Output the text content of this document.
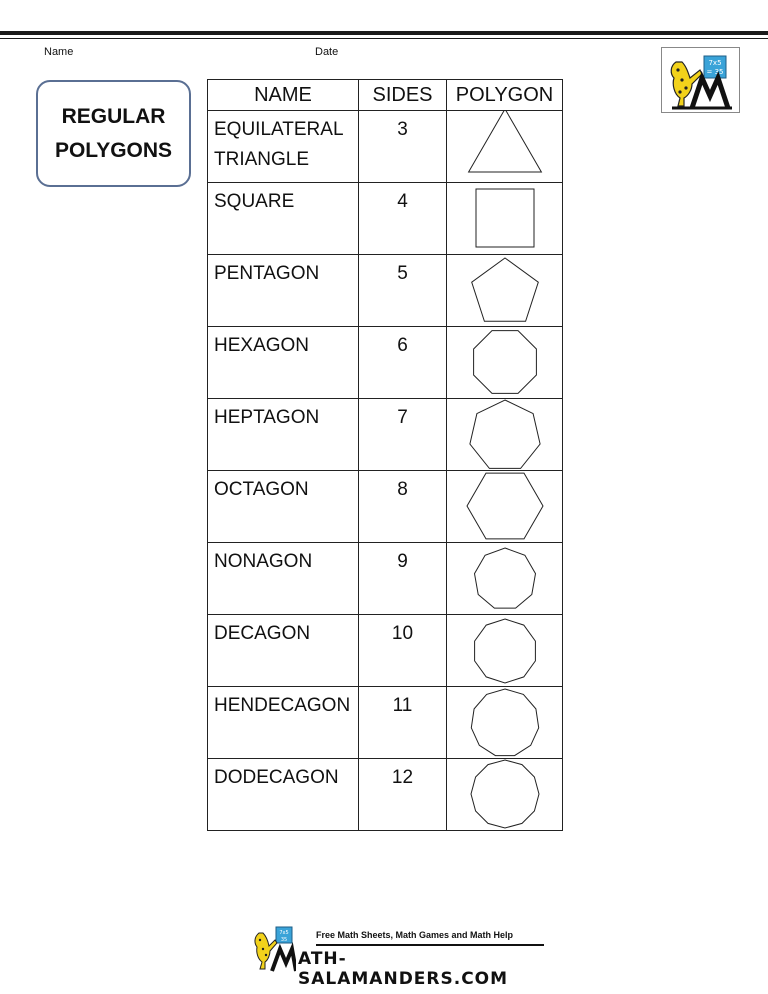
Name	Date
7x5
= 35
REGULAR
POLYGONS
NAME	SIDES	POLYGON
EQUILATERAL
TRIANGLE	3	

SQUARE	4	

PENTAGON	5	

HEXAGON	6	

HEPTAGON	7	

OCTAGON	8	

NONAGON	9	

DECAGON	10	

HENDECAGON	11	

DODECAGON	12	
7x5
35	Free Math Sheets, Math Games and Math Help
ATH-SALAMANDERS.COM
